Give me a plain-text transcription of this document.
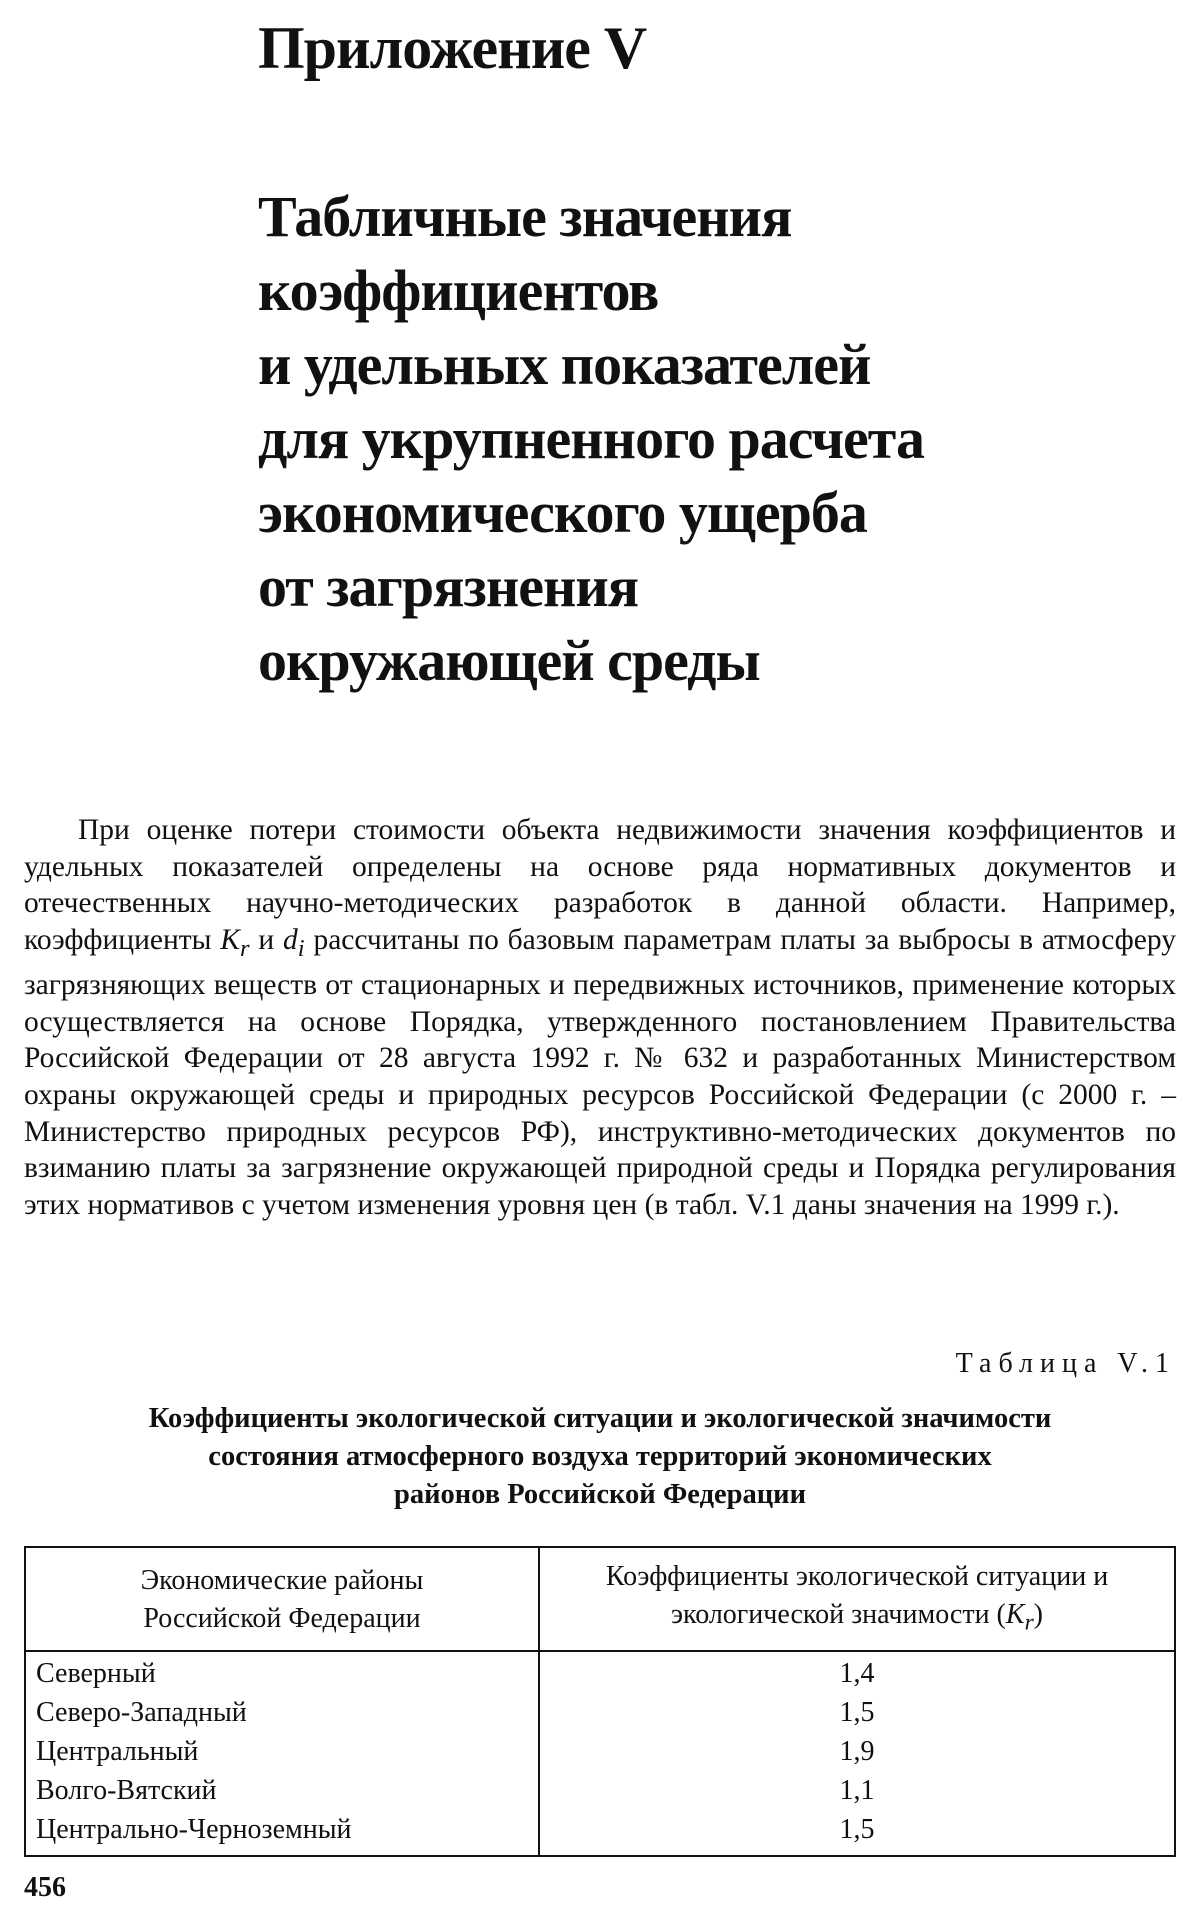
Приложение V
Табличные значения
коэффициентов
и удельных показателей
для укрупненного расчета
экономического ущерба
от загрязнения
окружающей среды

При оценке потери стоимости объекта недвижимости значения коэффициентов и удельных показателей определены на основе ряда нормативных документов и отечественных научно-методических разработок в данной области. Например, коэффициенты $K_r$ и $d_i$ рассчитаны по базовым параметрам платы за выбросы в атмосферу загрязняющих веществ от стационарных и передвижных источников, применение которых осуществляется на основе Порядка, утвержденного постановлением Правительства Российской Федерации от 28 августа 1992 г. № 632 и разработанных Министерством охраны окружающей среды и природных ресурсов Российской Федерации (с 2000 г. – Министерство природных ресурсов РФ), инструктивно-методических документов по взиманию платы за загрязнение окружающей природной среды и Порядка регулирования этих нормативов с учетом изменения уровня цен (в табл. V.1 даны значения на 1999 г.).

Таблица V.1

Коэффициенты экологической ситуации и экологической значимости
состояния атмосферного воздуха территорий экономических
районов Российской Федерации

Экономические районы
Российской Федерации	Коэффициенты экологической ситуации и
экологической значимости $(K_r)$
Северный	1,4
Северо-Западный	1,5
Центральный	1,9
Волго-Вятский	1,1
Центрально-Черноземный	1,5

456
